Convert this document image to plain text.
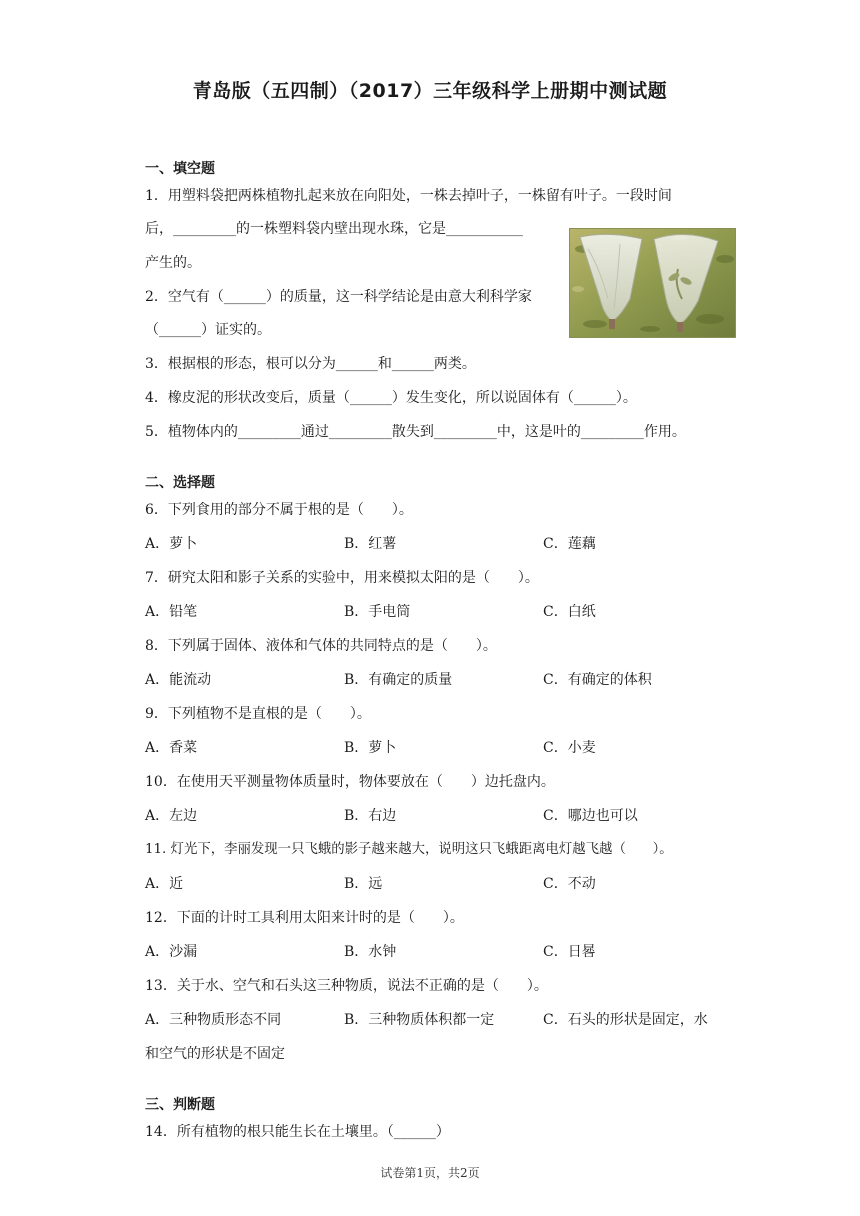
青岛版（五四制）（2017）三年级科学上册期中测试题
一、填空题
1．用塑料袋把两株植物扎起来放在向阳处，一株去掉叶子，一株留有叶子。一段时间
后，_________的一株塑料袋内壁出现水珠，它是___________
产生的。
2．空气有（______）的质量，这一科学结论是由意大利科学家
（______）证实的。
3．根据根的形态，根可以分为______和______两类。
4．橡皮泥的形状改变后，质量（______）发生变化，所以说固体有（______）。
5．植物体内的_________通过_________散失到_________中，这是叶的_________作用。
二、选择题
6．下列食用的部分不属于根的是（　　）。
A．萝卜	B．红薯	C．莲藕
7．研究太阳和影子关系的实验中，用来模拟太阳的是（　　）。
A．铅笔	B．手电筒	C．白纸
8．下列属于固体、液体和气体的共同特点的是（　　）。
A．能流动	B．有确定的质量	C．有确定的体积
9．下列植物不是直根的是（　　）。
A．香菜	B．萝卜	C．小麦
10．在使用天平测量物体质量时，物体要放在（　　）边托盘内。
A．左边	B．右边	C．哪边也可以
11. 灯光下，李丽发现一只飞蛾的影子越来越大，说明这只飞蛾距离电灯越飞越（　　）。
A．近	B．远	C．不动
12．下面的计时工具利用太阳来计时的是（　　）。
A．沙漏	B．水钟	C．日晷
13．关于水、空气和石头这三种物质，说法不正确的是（　　）。
A．三种物质形态不同	B．三种物质体积都一定	C．石头的形状是固定，水
和空气的形状是不固定
三、判断题
14．所有植物的根只能生长在土壤里。（______）
试卷第1页，共2页
